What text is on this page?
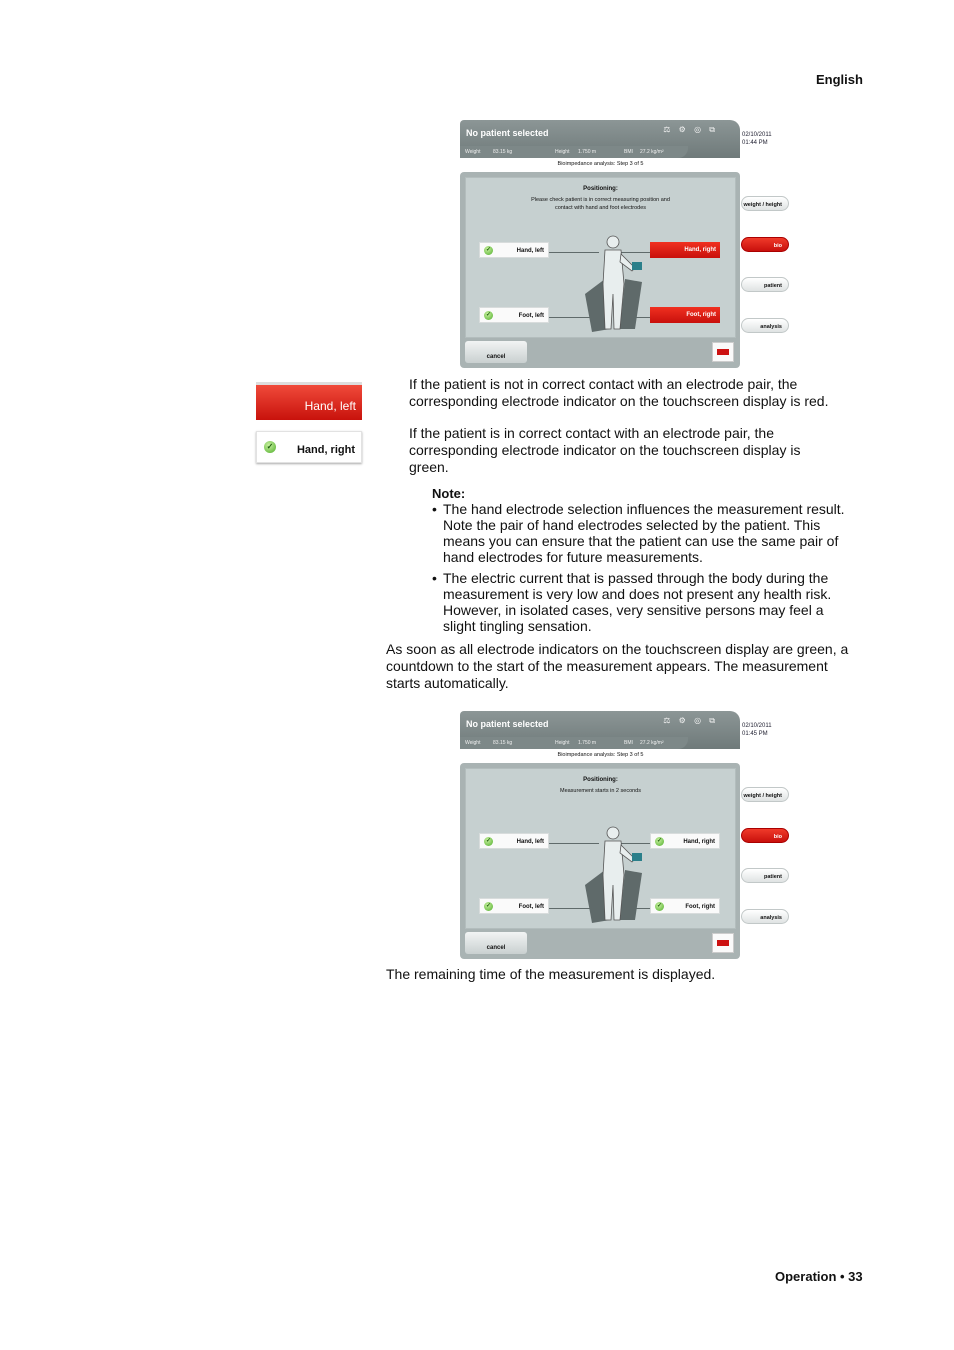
English
No patient selected	⚖ ⚙ ◎ ⧉
Weight	83.15 kg	Height 1.750 m	BMI 27.2 kg/m²
02/10/2011
01:44 PM
Bioimpedance analysis: Step 3 of 5
Positioning:
Please check patient is in correct measuring position and
contact with hand and foot electrodes
✓	Hand, left	Hand, right
✓	Foot, left	Foot, right
cancel
weight / height
bio
patient
analysis
Hand, left
✓ Hand, right
If the patient is not in correct contact with an electrode pair, the
corresponding electrode indicator on the touchscreen display is red.
If the patient is in correct contact with an electrode pair, the
corresponding electrode indicator on the touchscreen display is
green.
Note:
• The hand electrode selection influences the measurement result.
Note the pair of hand electrodes selected by the patient. This
means you can ensure that the patient can use the same pair of
hand electrodes for future measurements.
• The electric current that is passed through the body during the
measurement is very low and does not present any health risk.
However, in isolated cases, very sensitive persons may feel a
slight tingling sensation.
As soon as all electrode indicators on the touchscreen display are green, a
countdown to the start of the measurement appears. The measurement
starts automatically.
No patient selected	⚖ ⚙ ◎ ⧉
Weight	83.15 kg	Height 1.750 m	BMI 27.2 kg/m²
02/10/2011
01:45 PM
Bioimpedance analysis: Step 3 of 5
Positioning:
Measurement starts in 2 seconds
✓	Hand, left	✓	Hand, right
✓	Foot, left	✓	Foot, right
cancel
weight / height
bio
patient
analysis
The remaining time of the measurement is displayed.
Operation • 33
